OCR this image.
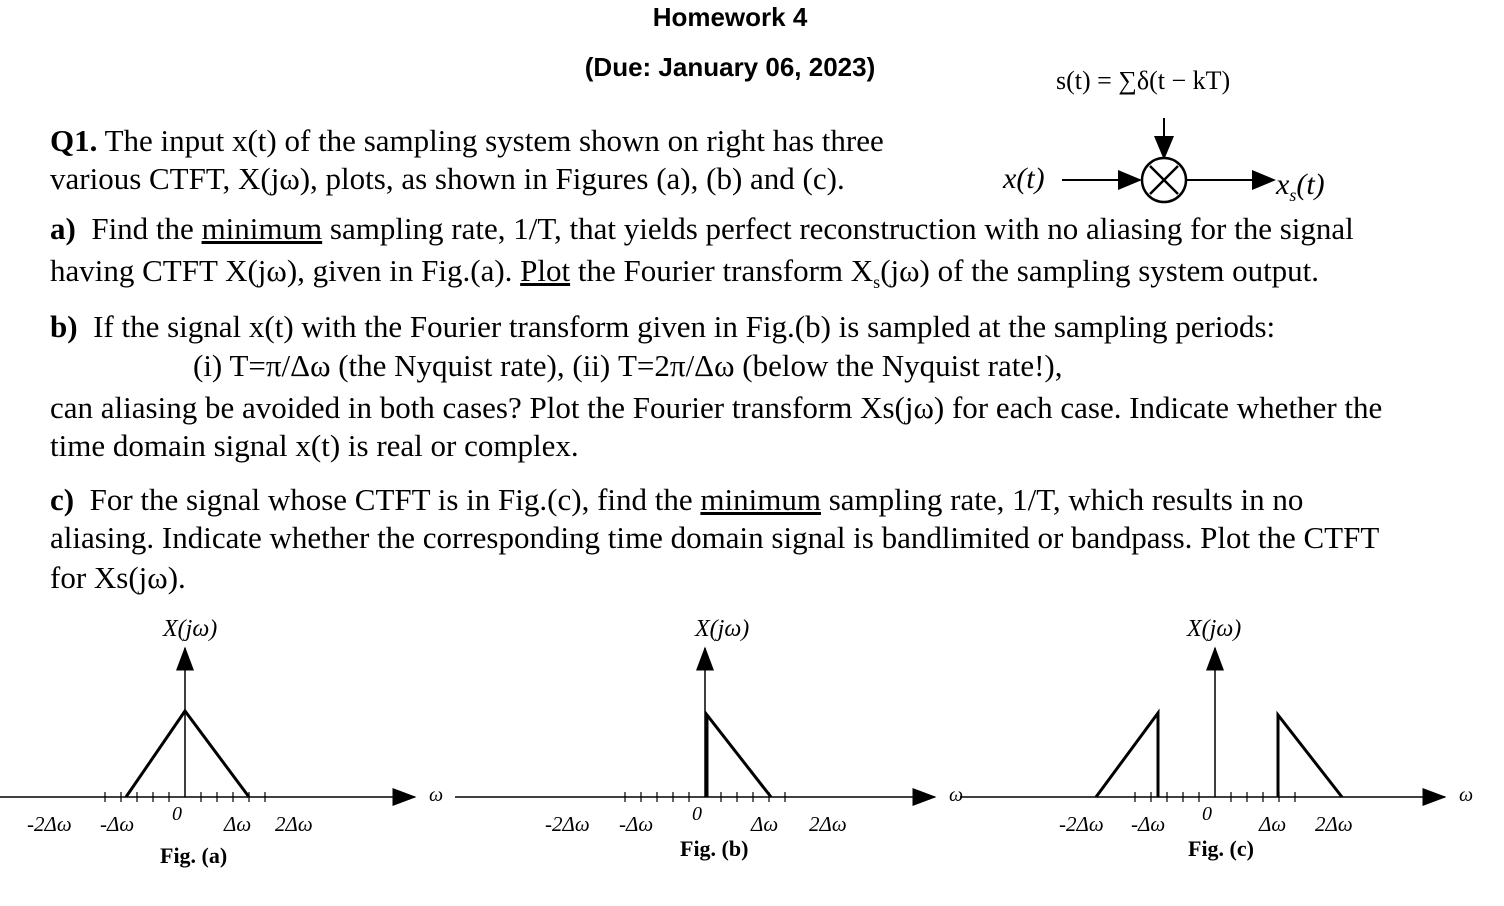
Homework 4
(Due: January 06, 2023)	s(t) = ∑δ(t − kT)
x(t)	$x_s(t)$
Q1. The input x(t) of the sampling system shown on right has three
various CTFT, X(jω), plots, as shown in Figures (a), (b) and (c).
a) Find the minimum sampling rate, 1/T, that yields perfect reconstruction with no aliasing for the signal
having CTFT X(jω), given in Fig.(a). Plot the Fourier transform $X_s(j\omega)$ of the sampling system output.
b) If the signal x(t) with the Fourier transform given in Fig.(b) is sampled at the sampling periods:
(i) T=π/Δω (the Nyquist rate), (ii) T=2π/Δω (below the Nyquist rate!),
can aliasing be avoided in both cases? Plot the Fourier transform Xs(jω) for each case. Indicate whether the
time domain signal x(t) is real or complex.
c) For the signal whose CTFT is in Fig.(c), find the minimum sampling rate, 1/T, which results in no
aliasing. Indicate whether the corresponding time domain signal is bandlimited or bandpass. Plot the CTFT
for Xs(jω).
X(jω)
ω
0
-2Δω -Δω	Δω 2Δω
Fig. (a)
X(jω)
ω
0
-2Δω -Δω	Δω 2Δω
Fig. (b)
X(jω)
ω
0
-2Δω -Δω	Δω 2Δω
Fig. (c)
